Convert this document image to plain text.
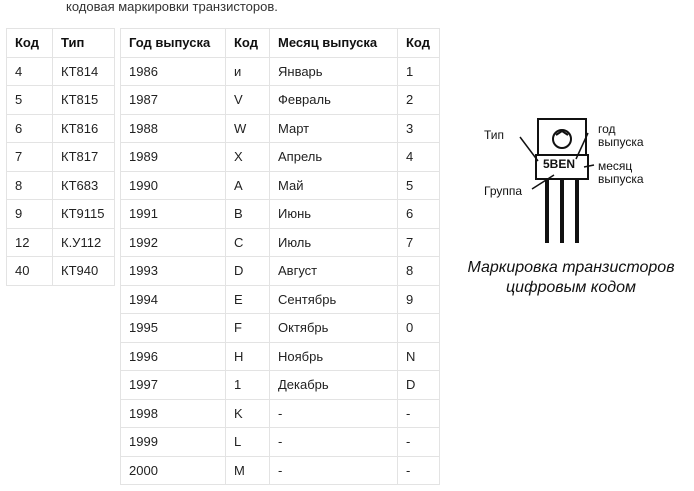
кодовая маркировки транзисторов.
Код	Тип
4	КТ814
5	КТ815
6	КТ816
7	КТ817
8	КТ683
9	КТ9115
12	К.У112
40	КТ940
Год выпуска	Код	Месяц выпуска	Код
1986	и	Январь	1
1987	V	Февраль	2
1988	W	Март	3
1989	X	Апрель	4
1990	A	Май	5
1991	B	Июнь	6
1992	C	Июль	7
1993	D	Август	8
1994	E	Сентябрь	9
1995	F	Октябрь	0
1996	H	Ноябрь	N
1997	1	Декабрь	D
1998	K	-	-
1999	L	-	-
2000	M	-	-
5BEN
Тип
Группа
год
выпуска
месяц
выпуска
Маркировка транзисторов
цифровым кодом
